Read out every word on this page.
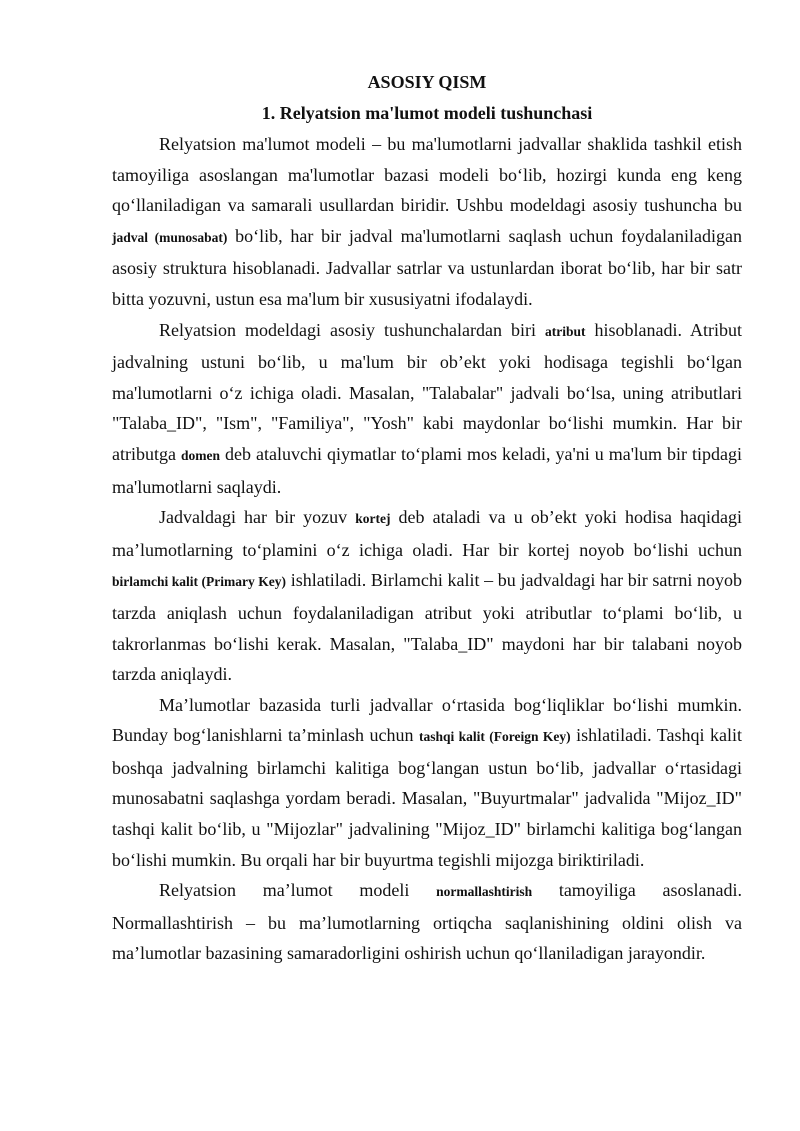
ASOSIY QISM
1. Relyatsion ma'lumot modeli tushunchasi

Relyatsion ma'lumot modeli – bu ma'lumotlarni jadvallar shaklida tashkil etish tamoyiliga asoslangan ma'lumotlar bazasi modeli bo‘lib, hozirgi kunda eng keng qo‘llaniladigan va samarali usullardan biridir. Ushbu modeldagi asosiy tushuncha bu jadval (munosabat) bo‘lib, har bir jadval ma'lumotlarni saqlash uchun foydalaniladigan asosiy struktura hisoblanadi. Jadvallar satrlar va ustunlardan iborat bo‘lib, har bir satr bitta yozuvni, ustun esa ma'lum bir xususiyatni ifodalaydi.

Relyatsion modeldagi asosiy tushunchalardan biri atribut hisoblanadi. Atribut jadvalning ustuni bo‘lib, u ma'lum bir ob’ekt yoki hodisaga tegishli bo‘lgan ma'lumotlarni o‘z ichiga oladi. Masalan, "Talabalar" jadvali bo‘lsa, uning atributlari "Talaba_ID", "Ism", "Familiya", "Yosh" kabi maydonlar bo‘lishi mumkin. Har bir atributga domen deb ataluvchi qiymatlar to‘plami mos keladi, ya'ni u ma'lum bir tipdagi ma'lumotlarni saqlaydi.

Jadvaldagi har bir yozuv kortej deb ataladi va u ob’ekt yoki hodisa haqidagi ma’lumotlarning to‘plamini o‘z ichiga oladi. Har bir kortej noyob bo‘lishi uchun birlamchi kalit (Primary Key) ishlatiladi. Birlamchi kalit – bu jadvaldagi har bir satrni noyob tarzda aniqlash uchun foydalaniladigan atribut yoki atributlar to‘plami bo‘lib, u takrorlanmas bo‘lishi kerak. Masalan, "Talaba_ID" maydoni har bir talabani noyob tarzda aniqlaydi.

Ma’lumotlar bazasida turli jadvallar o‘rtasida bog‘liqliklar bo‘lishi mumkin. Bunday bog‘lanishlarni ta’minlash uchun tashqi kalit (Foreign Key) ishlatiladi. Tashqi kalit boshqa jadvalning birlamchi kalitiga bog‘langan ustun bo‘lib, jadvallar o‘rtasidagi munosabatni saqlashga yordam beradi. Masalan, "Buyurtmalar" jadvalida "Mijoz_ID" tashqi kalit bo‘lib, u "Mijozlar" jadvalining "Mijoz_ID" birlamchi kalitiga bog‘langan bo‘lishi mumkin. Bu orqali har bir buyurtma tegishli mijozga biriktiriladi.

Relyatsion ma’lumot modeli normallashtirish tamoyiliga asoslanadi. Normallashtirish – bu ma’lumotlarning ortiqcha saqlanishining oldini olish va ma’lumotlar bazasining samaradorligini oshirish uchun qo‘llaniladigan jarayondir.
